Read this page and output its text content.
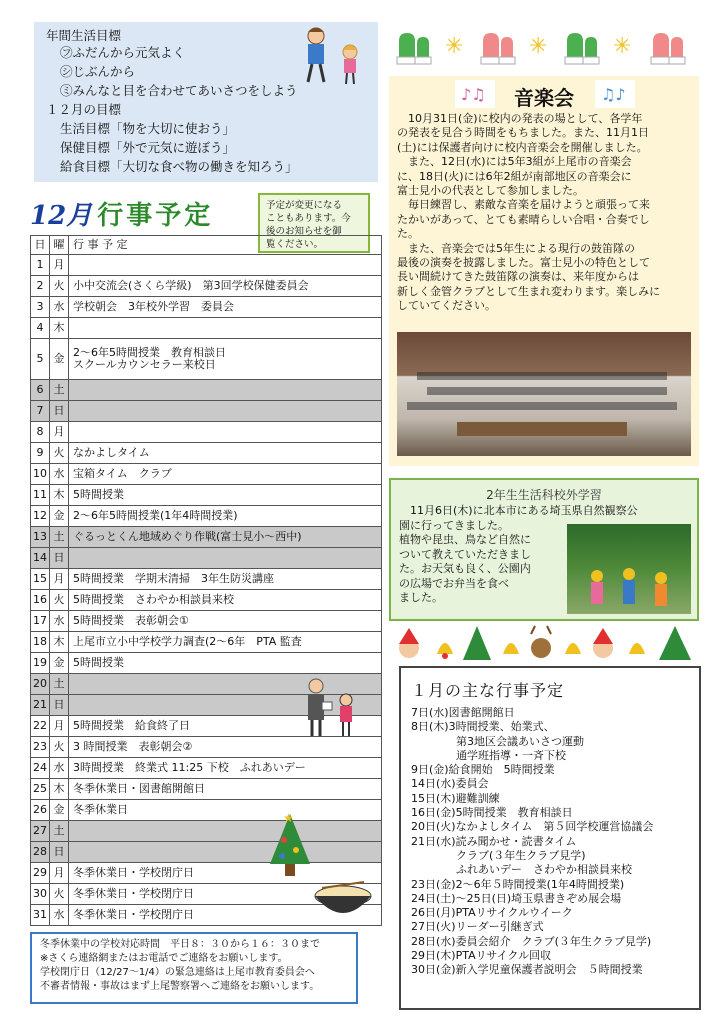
年間生活目標
㋫ふだんから元気よく
㋛じぶんから
㋯みんなと目を合わせてあいさつをしよう
１２月の目標
生活目標「物を大切に使おう」
保健目標「外で元気に遊ぼう」
給食目標「大切な食べ物の働きを知ろう」
✳	✳	✳
12月 行事予定	予定が変更になる
こともあります。今
後のお知らせを御
覧ください。
日	曜	行 事 予 定
1	月	

2	火	小中交流会(さくら学級)　第3回学校保健委員会

3	水	学校朝会　3年校外学習　委員会

4	木	

5	金	2～6年5時間授業　教育相談日
スクールカウンセラー来校日

6	土	

7	日	

8	月	

9	火	なかよしタイム

10	水	宝箱タイム　クラブ

11	木	5時間授業

12	金	2～6年5時間授業(1年4時間授業)

13	土	ぐるっとくん地域めぐり作戦(富士見小～西中)

14	日	

15	月	5時間授業　学期末清掃　3年生防災講座

16	火	5時間授業　さわやか相談員来校

17	水	5時間授業　表彰朝会①

18	木	上尾市立小中学校学力調査(2～6年　PTA 監査

19	金	5時間授業

20	土	

21	日	

22	月	5時間授業　給食終了日

23	火	3 時間授業　表彰朝会②

24	水	3時間授業　終業式 11:25 下校　ふれあいデー

25	木	冬季休業日・図書館開館日

26	金	冬季休業日

27	土	

28	日	

29	月	冬季休業日・学校閉庁日

30	火	冬季休業日・学校閉庁日

31	水	冬季休業日・学校閉庁日
★
冬季休業中の学校対応時間　平日８：３０から１６：３０まで
※さくら連絡網またはお電話でご連絡をお願いします。
学校閉庁日（12/27～1/4）の緊急連絡は上尾市教育委員会へ
不審者情報・事故はまず上尾警察署へご連絡をお願いします。
♪♫	音楽会	♫♪
　10月31日(金)に校内の発表の場として、各学年
の発表を見合う時間をもちました。また、11月1日
(土)には保護者向けに校内音楽会を開催しました。
　また、12日(水)には5年3組が上尾市の音楽会
に、18日(火)には6年2組が南部地区の音楽会に
富士見小の代表として参加しました。
　毎日練習し、素敵な音楽を届けようと頑張って来
たかいがあって、とても素晴らしい合唱・合奏でし
た。
　また、音楽会では5年生による現行の鼓笛隊の
最後の演奏を披露しました。富士見小の特色として
長い間続けてきた鼓笛隊の演奏は、来年度からは
新しく金管クラブとして生まれ変わります。楽しみに
していてください。
2年生生活科校外学習
　11月6日(木)に北本市にある埼玉県自然観察公
園に行ってきました。
植物や昆虫、鳥など自然に
ついて教えていただきまし
た。お天気も良く、公園内
の広場でお弁当を食べ
ました。
１月の主な行事予定
7日(水)図書館開館日
8日(木)3時間授業、始業式、
第3地区会議あいさつ運動
通学班指導・一斉下校
9日(金)給食開始　5時間授業
14日(水)委員会
15日(木)避難訓練
16日(金)5時間授業　教育相談日
20日(火)なかよしタイム　第５回学校運営協議会
21日(水)読み聞かせ・読書タイム
クラブ(３年生クラブ見学)
ふれあいデー　さわやか相談員来校
23日(金)2～6年５時間授業(1年4時間授業)
24日(土)～25日(日)埼玉県書きぞめ展会場
26日(月)PTAリサイクルウイーク
27日(火)リーダー引継ぎ式
28日(水)委員会紹介　クラブ(３年生クラブ見学)
29日(木)PTAリサイクル回収
30日(金)新入学児童保護者説明会　５時間授業
